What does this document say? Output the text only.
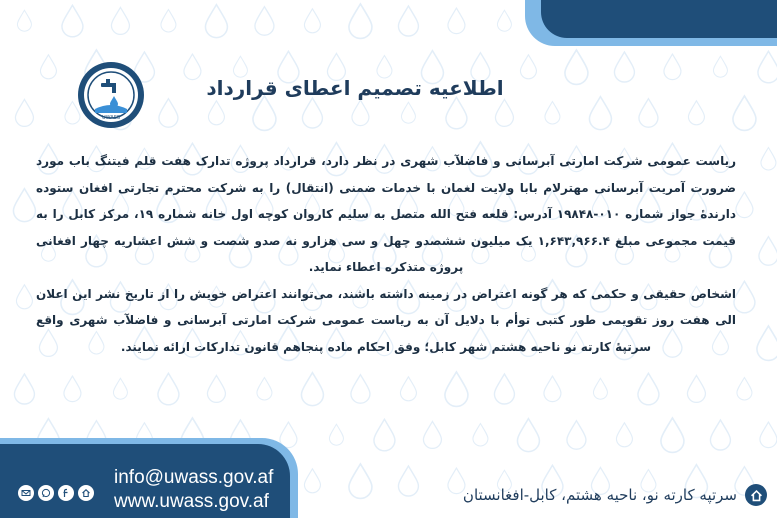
UWASS
اطلاعیه تصمیم اعطای قرارداد

ریاست عمومی شرکت امارتی آبرسانی و فاضلآب شهری در نظر دارد، قرارداد پروژه تدارک هفت قلم فیتنگ باب مورد ضرورت آمریت آبرسانی مهترلام بابا ولایت لغمان با خدمات ضمنی (انتقال) را به شرکت محترم تجارتی افغان ستوده دارندهٔ جواز شماره ۰۱۰-۱۹۸۴۸ آدرس: قلعه فتح الله متصل به سلیم کاروان کوچه اول خانه شماره ۱۹، مرکز کابل را به قیمت مجموعی مبلغ ۱,۶۴۳,۹۶۶.۴ یک میلیون ششصدو چهل و سی هزارو نه صدو شصت و شش اعشاریه چهار افغانی پروژه متذکره اعطاء نماید.

اشخاص حقیقی و حکمی که هر گونه اعتراض در زمینه داشته باشند، می‌توانند اعتراض خویش را از تاریخ نشر این اعلان الی هفت روز تقویمی طور کتبی توأم با دلایل آن به ریاست عمومی شرکت امارتی آبرسانی و فاضلآب شهری واقع سرتپهٔ کارته نو ناحیه هشتم شهر کابل؛ وفق احکام ماده پنجاهم قانون تدارکات ارائه نمایند.

info@uwass.gov.af
www.uwass.gov.af	سرتپه کارته نو، ناحیه هشتم، کابل-افغانستان
